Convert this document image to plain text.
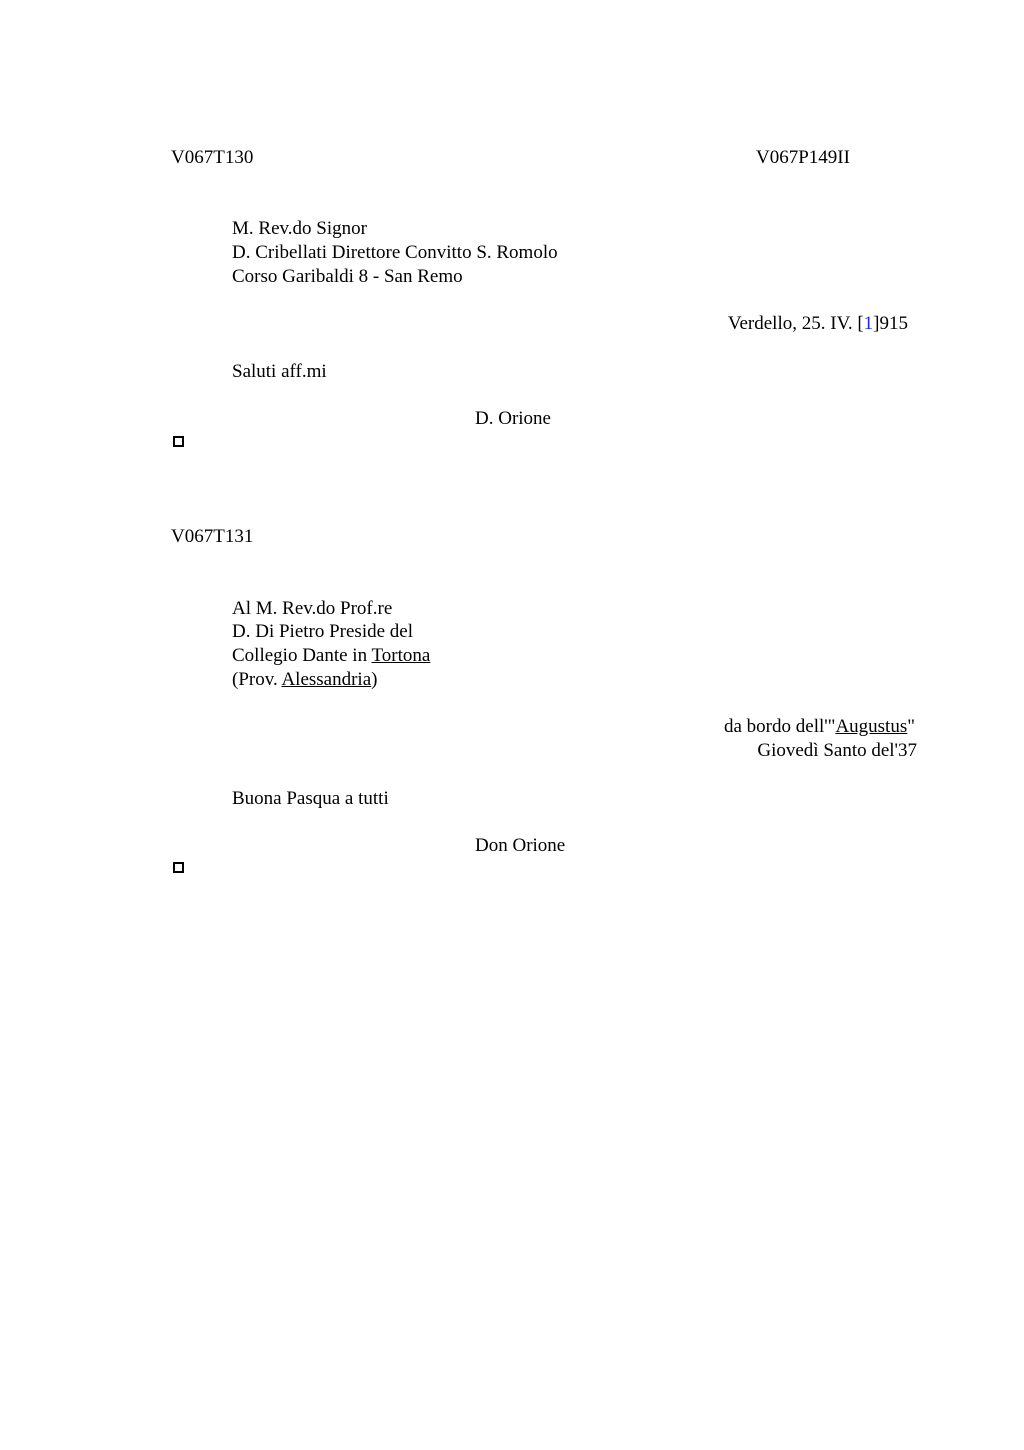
V067T130	V067P149II
M. Rev.do Signor
D. Cribellati Direttore Convitto S. Romolo
Corso Garibaldi 8 - San Remo
Verdello, 25. IV. [1]915
Saluti aff.mi
D. Orione
V067T131
Al M. Rev.do Prof.re
D. Di Pietro Preside del
Collegio Dante in Tortona
(Prov. Alessandria)
da bordo dell'"Augustus"
Giovedì Santo del'37
Buona Pasqua a tutti
Don Orione
